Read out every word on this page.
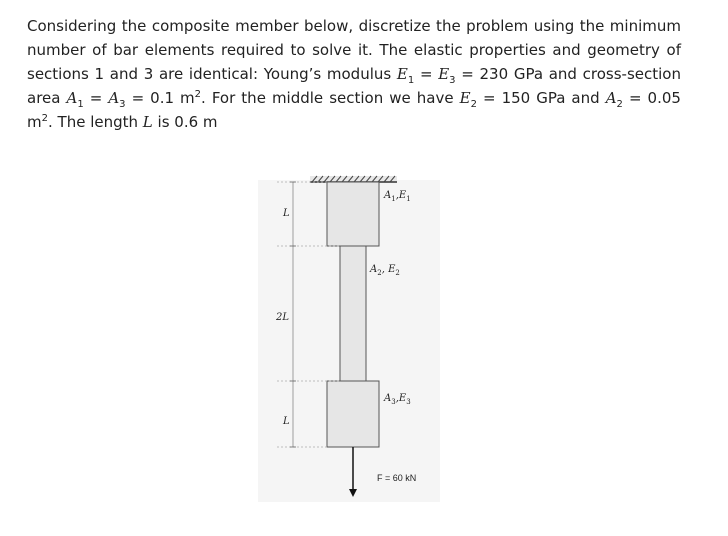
Considering the composite member below, discretize the problem using the minimum number of bar elements required to solve it. The elastic properties and geometry of sections 1 and 3 are identical: Young’s modulus $E_1 = E_3 = 230$ GPa and cross-section area $A_1 = A_3 = 0.1$ $m^2$. For the middle section we have $E_2 = 150$ GPa and $A_2 = 0.05$ $m^2$. The length L is 0.6 m
L
2L
L
$A_1,E_1$
$A_2$, $E_2$
$A_3,E_3$
F = 60 kN
